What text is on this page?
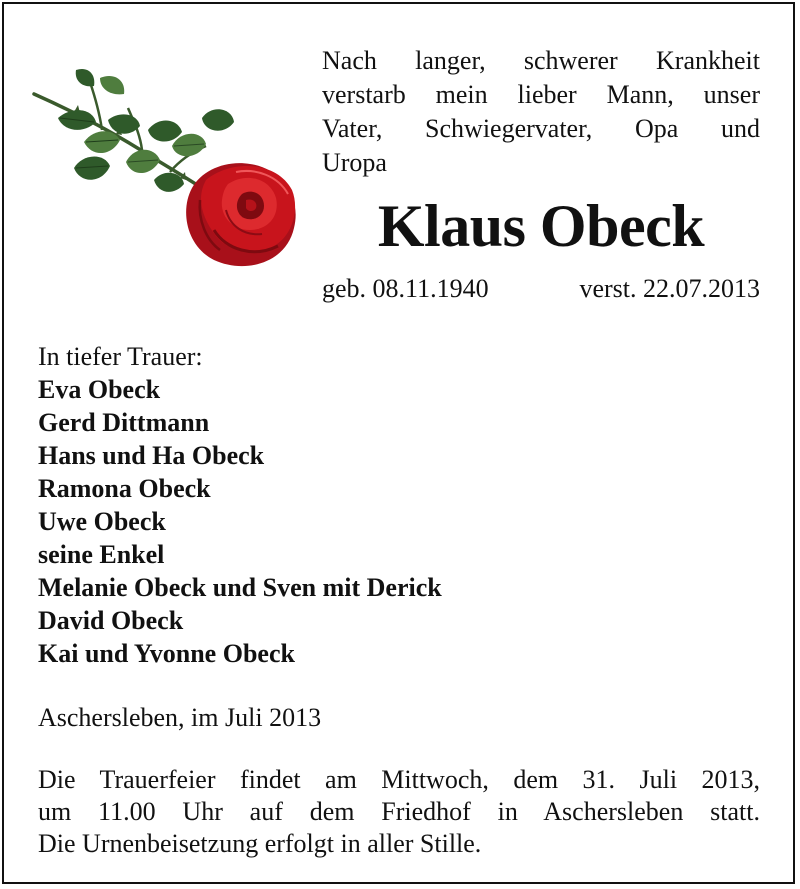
Nach langer, schwerer Krankheit
verstarb mein lieber Mann, unser
Vater, Schwiegervater, Opa und
Uropa
Klaus Obeck
geb. 08.11.1940	verst. 22.07.2013
In tiefer Trauer:
Eva Obeck
Gerd Dittmann
Hans und Ha Obeck
Ramona Obeck
Uwe Obeck
seine Enkel
Melanie Obeck und Sven mit Derick
David Obeck
Kai und Yvonne Obeck
Aschersleben, im Juli 2013
Die Trauerfeier findet am Mittwoch, dem 31. Juli 2013,
um 11.00 Uhr auf dem Friedhof in Aschersleben statt.
Die Urnenbeisetzung erfolgt in aller Stille.
